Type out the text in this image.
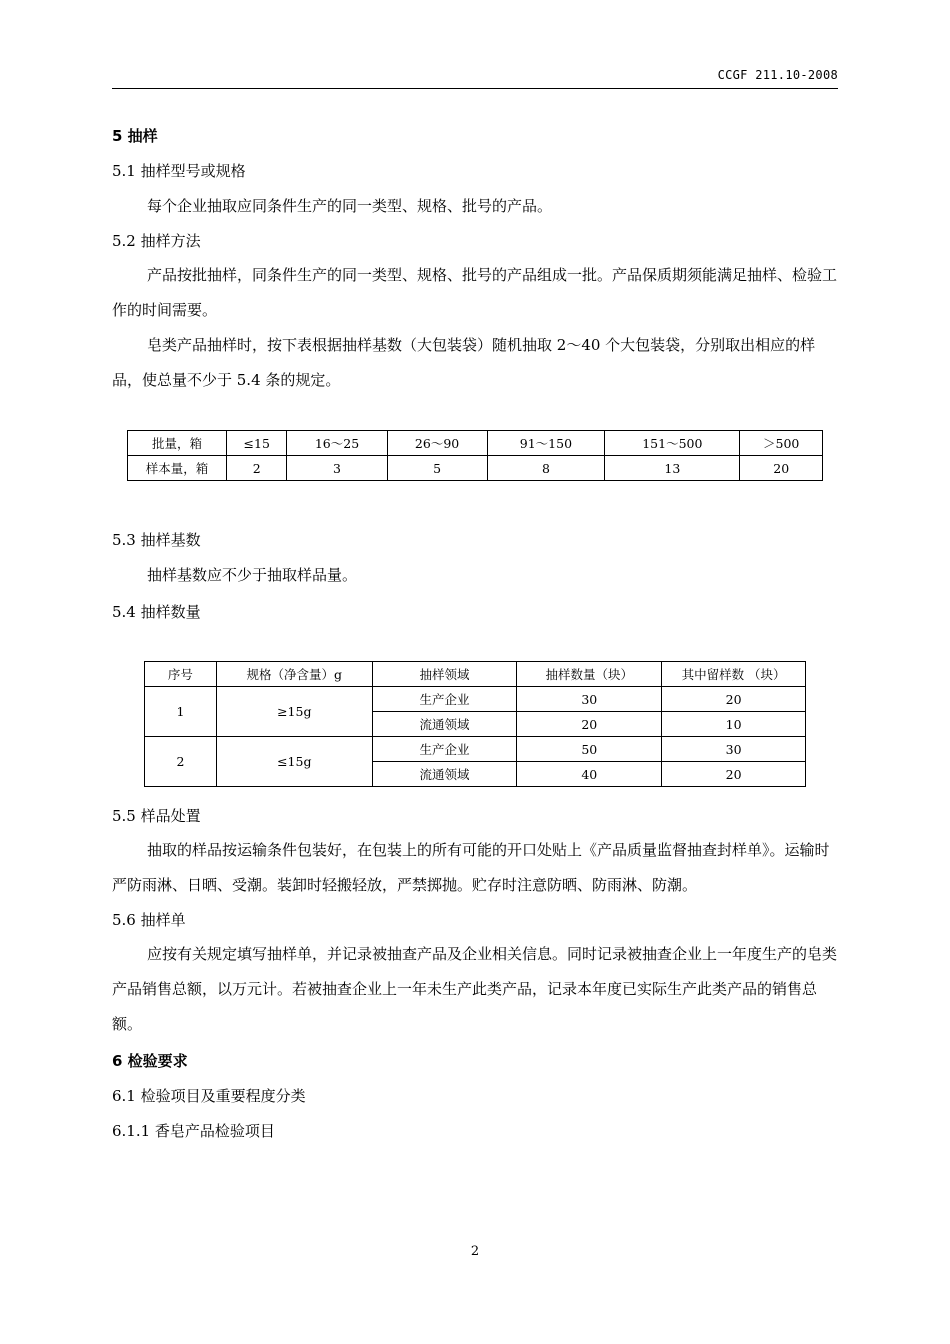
CCGF 211.10-2008
5 抽样
5.1 抽样型号或规格
每个企业抽取应同条件生产的同一类型、规格、批号的产品。
5.2 抽样方法
产品按批抽样，同条件生产的同一类型、规格、批号的产品组成一批。产品保质期须能满足抽样、检验工作的时间需要。
皂类产品抽样时，按下表根据抽样基数（大包装袋）随机抽取 2～40 个大包装袋，分别取出相应的样品，使总量不少于 5.4 条的规定。
批量，箱	≤15	16～25	26～90	91～150	151～500	＞500
样本量，箱	2	3	5	8	13	20
5.3 抽样基数
抽样基数应不少于抽取样品量。
5.4 抽样数量
序号	规格（净含量）g	抽样领域	抽样数量（块）	其中留样数 （块）
1	≥15g	生产企业	30	20
		流通领域	20	10
2	≤15g	生产企业	50	30
		流通领域	40	20
5.5 样品处置
抽取的样品按运输条件包装好，在包装上的所有可能的开口处贴上《产品质量监督抽查封样单》。运输时严防雨淋、日晒、受潮。装卸时轻搬轻放，严禁掷抛。贮存时注意防晒、防雨淋、防潮。
5.6 抽样单
应按有关规定填写抽样单，并记录被抽查产品及企业相关信息。同时记录被抽查企业上一年度生产的皂类产品销售总额，以万元计。若被抽查企业上一年未生产此类产品，记录本年度已实际生产此类产品的销售总额。
6 检验要求
6.1 检验项目及重要程度分类
6.1.1 香皂产品检验项目
2
